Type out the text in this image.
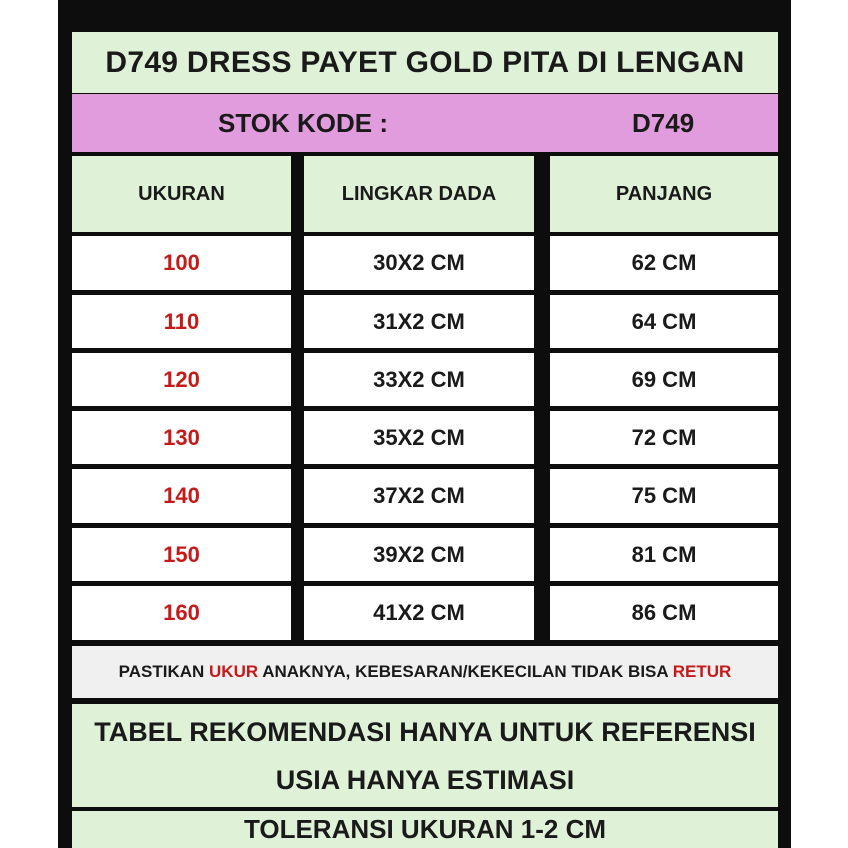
D749 DRESS PAYET GOLD PITA DI LENGAN
STOK KODE :	D749
UKURAN	LINGKAR DADA	PANJANG
100	30X2 CM	62 CM
110	31X2 CM	64 CM
120	33X2 CM	69 CM
130	35X2 CM	72 CM
140	37X2 CM	75 CM
150	39X2 CM	81 CM
160	41X2 CM	86 CM
PASTIKAN UKUR ANAKNYA, KEBESARAN/KEKECILAN TIDAK BISA RETUR
TABEL REKOMENDASI HANYA UNTUK REFERENSI
USIA HANYA ESTIMASI
TOLERANSI UKURAN 1-2 CM
